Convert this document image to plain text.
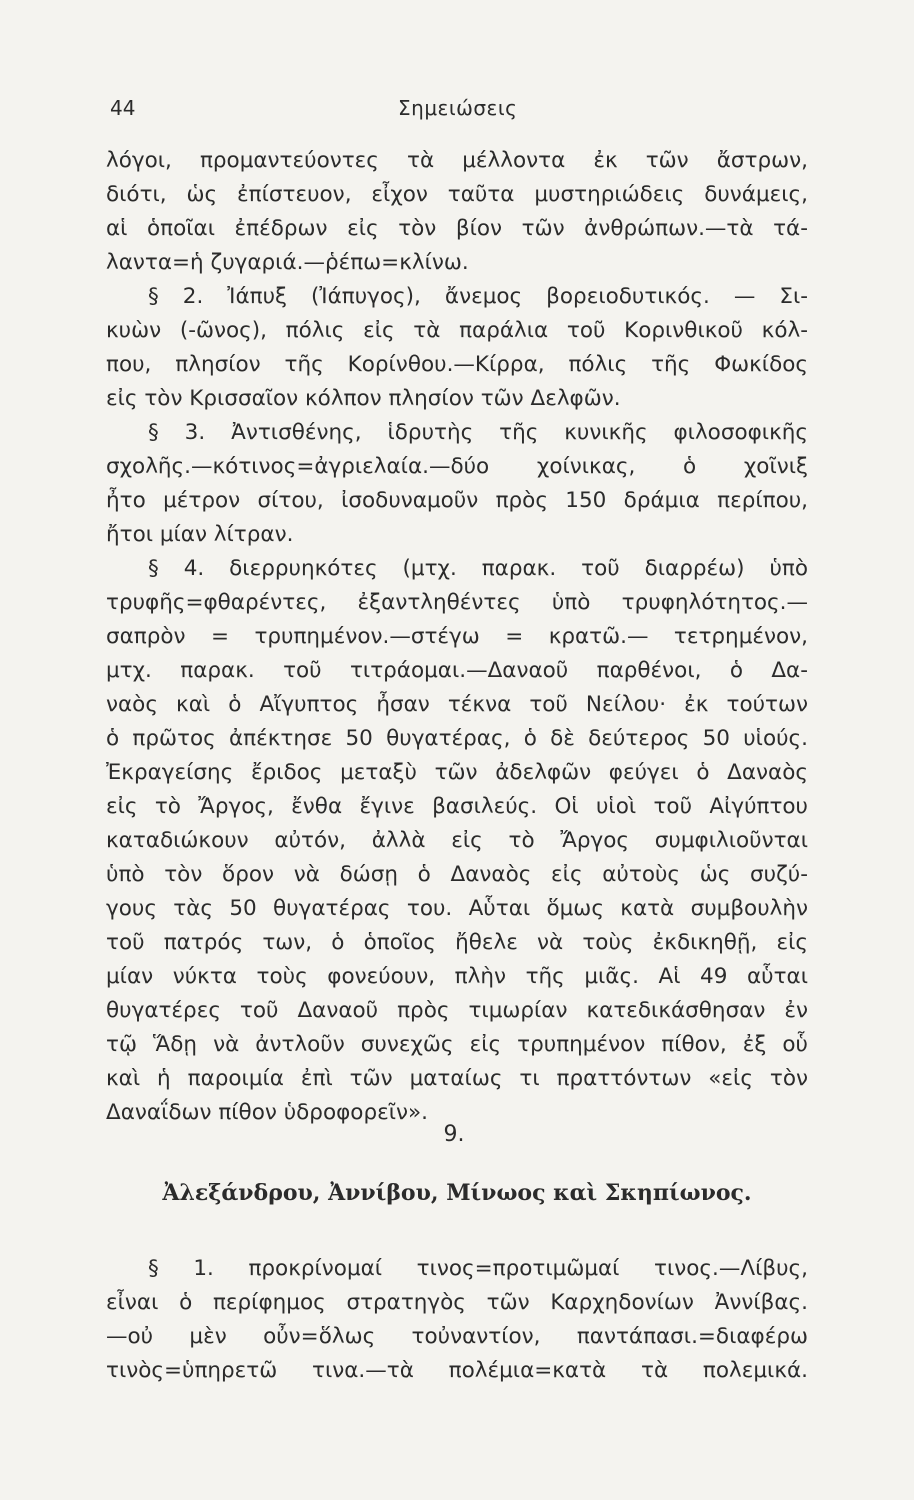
44	Σημειώσεις
λόγοι, προμαντεύοντες τὰ μέλλοντα ἐκ τῶν ἄστρων,
διότι, ὡς ἐπίστευον, εἶχον ταῦτα μυστηριώδεις δυνάμεις,
αἱ ὁποῖαι ἐπέδρων εἰς τὸν βίον τῶν ἀνθρώπων.—τὰ τά-
λαντα=ἡ ζυγαριά.—ῥέπω=κλίνω.
§ 2. Ἰάπυξ (Ἰάπυγος), ἄνεμος βορειοδυτικός. — Σι-
κυὼν (-ῶνος), πόλις εἰς τὰ παράλια τοῦ Κορινθικοῦ κόλ-
που, πλησίον τῆς Κορίνθου.—Κίρρα, πόλις τῆς Φωκίδος
εἰς τὸν Κρισσαῖον κόλπον πλησίον τῶν Δελφῶν.
§ 3. Ἀντισθένης, ἱδρυτὴς τῆς κυνικῆς φιλοσοφικῆς
σχολῆς.—κότινος=ἀγριελαία.—δύο χοίνικας, ὁ χοῖνιξ
ἦτο μέτρον σίτου, ἰσοδυναμοῦν πρὸς 150 δράμια περίπου,
ἤτοι μίαν λίτραν.
§ 4. διερρυηκότες (μτχ. παρακ. τοῦ διαρρέω) ὑπὸ
τρυφῆς=φθαρέντες, ἐξαντληθέντες ὑπὸ τρυφηλότητος.—
σαπρὸν = τρυπημένον.—στέγω = κρατῶ.— τετρημένον,
μτχ. παρακ. τοῦ τιτράομαι.—Δαναοῦ παρθένοι, ὁ Δα-
ναὸς καὶ ὁ Αἴγυπτος ἦσαν τέκνα τοῦ Νείλου· ἐκ τούτων
ὁ πρῶτος ἀπέκτησε 50 θυγατέρας, ὁ δὲ δεύτερος 50 υἱούς.
Ἐκραγείσης ἔριδος μεταξὺ τῶν ἀδελφῶν φεύγει ὁ Δαναὸς
εἰς τὸ Ἄργος, ἔνθα ἔγινε βασιλεύς. Οἱ υἱοὶ τοῦ Αἰγύπτου
καταδιώκουν αὐτόν, ἀλλὰ εἰς τὸ Ἄργος συμφιλιοῦνται
ὑπὸ τὸν ὅρον νὰ δώσῃ ὁ Δαναὸς εἰς αὐτοὺς ὡς συζύ-
γους τὰς 50 θυγατέρας του. Αὗται ὅμως κατὰ συμβουλὴν
τοῦ πατρός των, ὁ ὁποῖος ἤθελε νὰ τοὺς ἐκδικηθῇ, εἰς
μίαν νύκτα τοὺς φονεύουν, πλὴν τῆς μιᾶς. Αἱ 49 αὗται
θυγατέρες τοῦ Δαναοῦ πρὸς τιμωρίαν κατεδικάσθησαν ἐν
τῷ Ἅδῃ νὰ ἀντλοῦν συνεχῶς εἰς τρυπημένον πίθον, ἐξ οὗ
καὶ ἡ παροιμία ἐπὶ τῶν ματαίως τι πραττόντων «εἰς τὸν
Δαναΐδων πίθον ὑδροφορεῖν».
9.
Ἀλεξάνδρου, Ἀννίβου, Μίνωος καὶ Σκηπίωνος.
§ 1. προκρίνομαί τινος=προτιμῶμαί τινος.—Λίβυς,
εἶναι ὁ περίφημος στρατηγὸς τῶν Καρχηδονίων Ἀννίβας.
—οὐ μὲν οὖν=ὅλως τοὐναντίον, παντάπασι.=διαφέρω
τινὸς=ὑπηρετῶ τινα.—τὰ πολέμια=κατὰ τὰ πολεμικά.
